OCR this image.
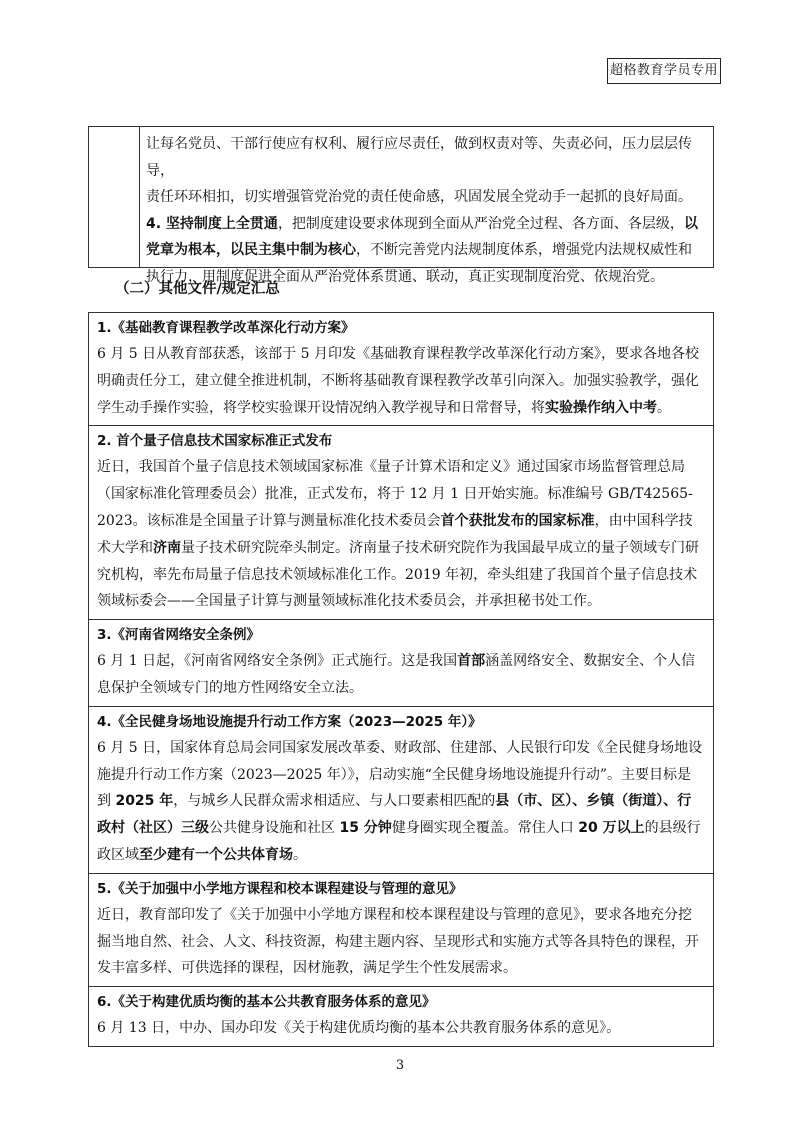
超格教育学员专用
让每名党员、干部行使应有权利、履行应尽责任，做到权责对等、失责必问，压力层层传导，
责任环环相扣，切实增强管党治党的责任使命感，巩固发展全党动手一起抓的良好局面。
4. 坚持制度上全贯通，把制度建设要求体现到全面从严治党全过程、各方面、各层级，以党章为根本，以民主集中制为核心，不断完善党内法规制度体系，增强党内法规权威性和执行力，用制度促进全面从严治党体系贯通、联动，真正实现制度治党、依规治党。
（二）其他文件/规定汇总
1.《基础教育课程教学改革深化行动方案》
6 月 5 日从教育部获悉，该部于 5 月印发《基础教育课程教学改革深化行动方案》，要求各地各校明确责任分工，建立健全推进机制，不断将基础教育课程教学改革引向深入。加强实验教学，强化学生动手操作实验，将学校实验课开设情况纳入教学视导和日常督导，将实验操作纳入中考。
2. 首个量子信息技术国家标准正式发布
近日，我国首个量子信息技术领域国家标准《量子计算术语和定义》通过国家市场监督管理总局（国家标准化管理委员会）批准，正式发布，将于 12 月 1 日开始实施。标准编号 GB/T42565-2023。该标准是全国量子计算与测量标准化技术委员会首个获批发布的国家标准，由中国科学技术大学和济南量子技术研究院牵头制定。济南量子技术研究院作为我国最早成立的量子领域专门研究机构，率先布局量子信息技术领域标准化工作。2019 年初，牵头组建了我国首个量子信息技术领域标委会——全国量子计算与测量领域标准化技术委员会，并承担秘书处工作。
3.《河南省网络安全条例》
6 月 1 日起，《河南省网络安全条例》正式施行。这是我国首部涵盖网络安全、数据安全、个人信息保护全领域专门的地方性网络安全立法。
4.《全民健身场地设施提升行动工作方案（2023—2025 年）》
6 月 5 日，国家体育总局会同国家发展改革委、财政部、住建部、人民银行印发《全民健身场地设施提升行动工作方案（2023—2025 年）》，启动实施“全民健身场地设施提升行动”。主要目标是到 2025 年，与城乡人民群众需求相适应、与人口要素相匹配的县（市、区）、乡镇（街道）、行政村（社区）三级公共健身设施和社区 15 分钟健身圈实现全覆盖。常住人口 20 万以上的县级行政区域至少建有一个公共体育场。
5.《关于加强中小学地方课程和校本课程建设与管理的意见》
近日，教育部印发了《关于加强中小学地方课程和校本课程建设与管理的意见》，要求各地充分挖掘当地自然、社会、人文、科技资源，构建主题内容、呈现形式和实施方式等各具特色的课程，开发丰富多样、可供选择的课程，因材施教，满足学生个性发展需求。
6.《关于构建优质均衡的基本公共教育服务体系的意见》
6 月 13 日，中办、国办印发《关于构建优质均衡的基本公共教育服务体系的意见》。
3
